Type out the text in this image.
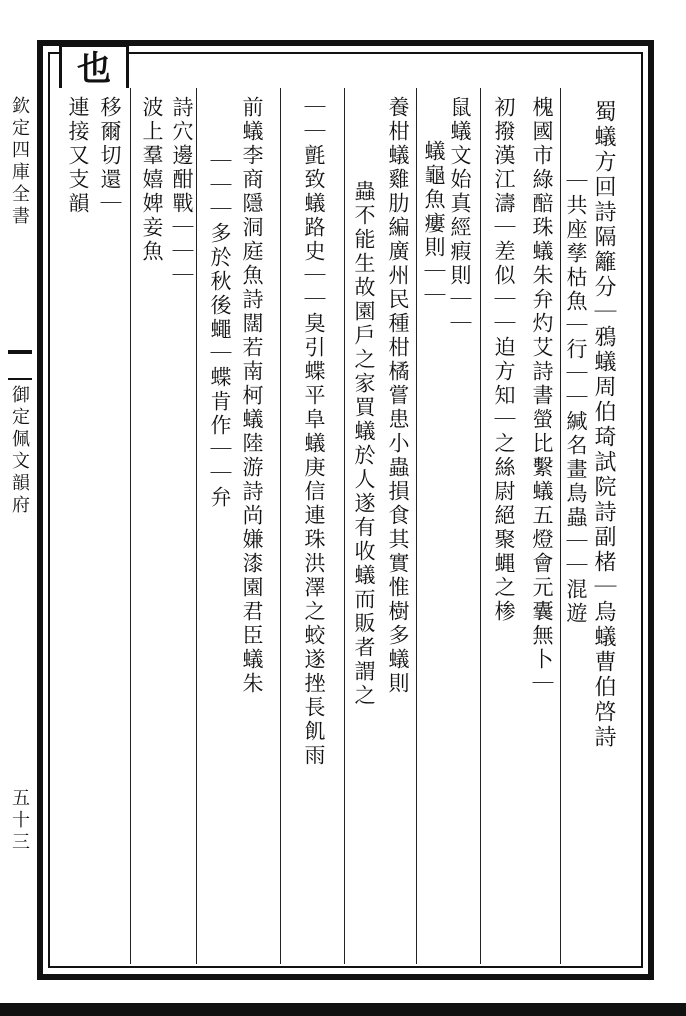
欽定四庫全書
御定佩文韻府
五十三
也
蜀蟻方回詩隔籬分｜鴉蟻周伯琦試院詩副楮｜烏蟻曹伯啓詩
｜共座孳枯魚｜行｜｜緘名畫鳥蟲｜｜混遊
槐國市綠醅珠蟻朱弁灼艾詩書螢比繫蟻五燈會元囊無卜｜
初撥漢江濤｜差似｜｜迫方知｜之絲尉絕聚蝿之椮
鼠蟻文始真經瘕則｜｜
蟻龜魚瘻則｜｜
養柑蟻雞肋編廣州民種柑橘嘗患小蟲損食其實惟樹多蟻則
蟲不能生故園戶之家買蟻於人遂有收蟻而販者謂之
｜｜氈致蟻路史｜｜臭引蝶平阜蟻庚信連珠洪澤之蛟遂挫長飢雨
前蟻李商隱洞庭魚詩闊若南柯蟻陸游詩尚嫌漆園君臣蟻朱
｜｜｜多於秋後蠅｜蝶肯作｜｜弁
詩穴邊酣戰｜｜｜
波上羣嬉婢妾魚
移爾切還｜
連接又支韻
